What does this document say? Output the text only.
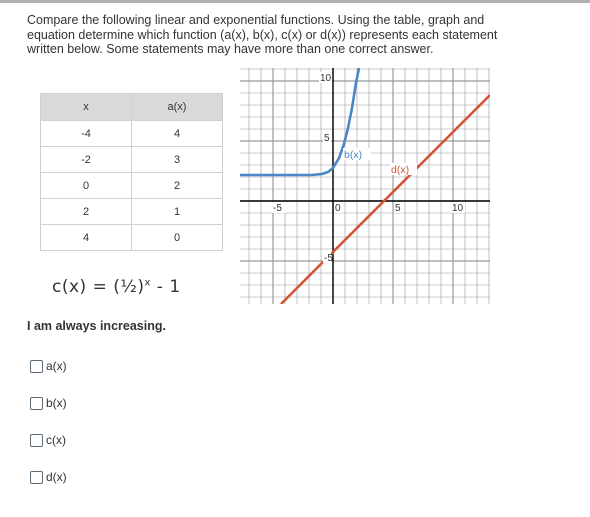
Compare the following linear and exponential functions. Using the table, graph and equation determine which function (a(x), b(x), c(x) or d(x)) represents each statement written below. Some statements may have more than one correct answer.

x	a(x)
-4	4
-2	3
0	2
2	1
4	0
c(x) = (½)$^x$ - 1
10
5
-5
-5	0	5	10
b(x)
d(x)
I am always increasing.
a(x)
b(x)
c(x)
d(x)
